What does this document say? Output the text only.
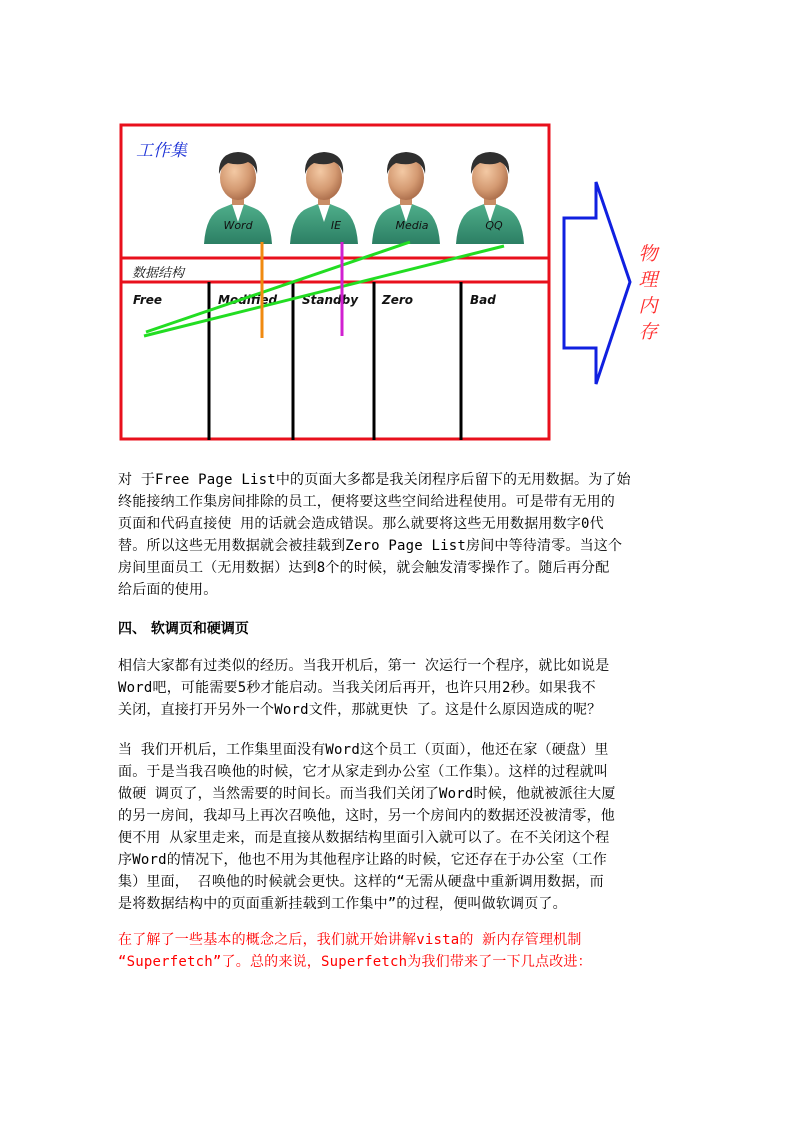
工作集
Word	IE	Media	QQ
数据结构
Free	Modified Standby Zero	Bad
物
理
内
存

对 于Free Page List中的页面大多都是我关闭程序后留下的无用数据。为了始
终能接纳工作集房间排除的员工，便将要这些空间给进程使用。可是带有无用的
页面和代码直接使 用的话就会造成错误。那么就要将这些无用数据用数字0代
替。所以这些无用数据就会被挂载到Zero Page List房间中等待清零。当这个
房间里面员工（无用数据）达到8个的时候，就会触发清零操作了。随后再分配
给后面的使用。

四、 软调页和硬调页

相信大家都有过类似的经历。当我开机后，第一 次运行一个程序，就比如说是
Word吧，可能需要5秒才能启动。当我关闭后再开，也许只用2秒。如果我不
关闭，直接打开另外一个Word文件，那就更快 了。这是什么原因造成的呢？

当 我们开机后，工作集里面没有Word这个员工（页面），他还在家（硬盘）里
面。于是当我召唤他的时候，它才从家走到办公室（工作集）。这样的过程就叫
做硬 调页了，当然需要的时间长。而当我们关闭了Word时候，他就被派往大厦
的另一房间，我却马上再次召唤他，这时，另一个房间内的数据还没被清零，他
便不用 从家里走来，而是直接从数据结构里面引入就可以了。在不关闭这个程
序Word的情况下，他也不用为其他程序让路的时候，它还存在于办公室（工作
集）里面， 召唤他的时候就会更快。这样的“无需从硬盘中重新调用数据，而
是将数据结构中的页面重新挂载到工作集中”的过程，便叫做软调页了。

在了解了一些基本的概念之后，我们就开始讲解vista的 新内存管理机制
“Superfetch”了。总的来说，Superfetch为我们带来了一下几点改进：
